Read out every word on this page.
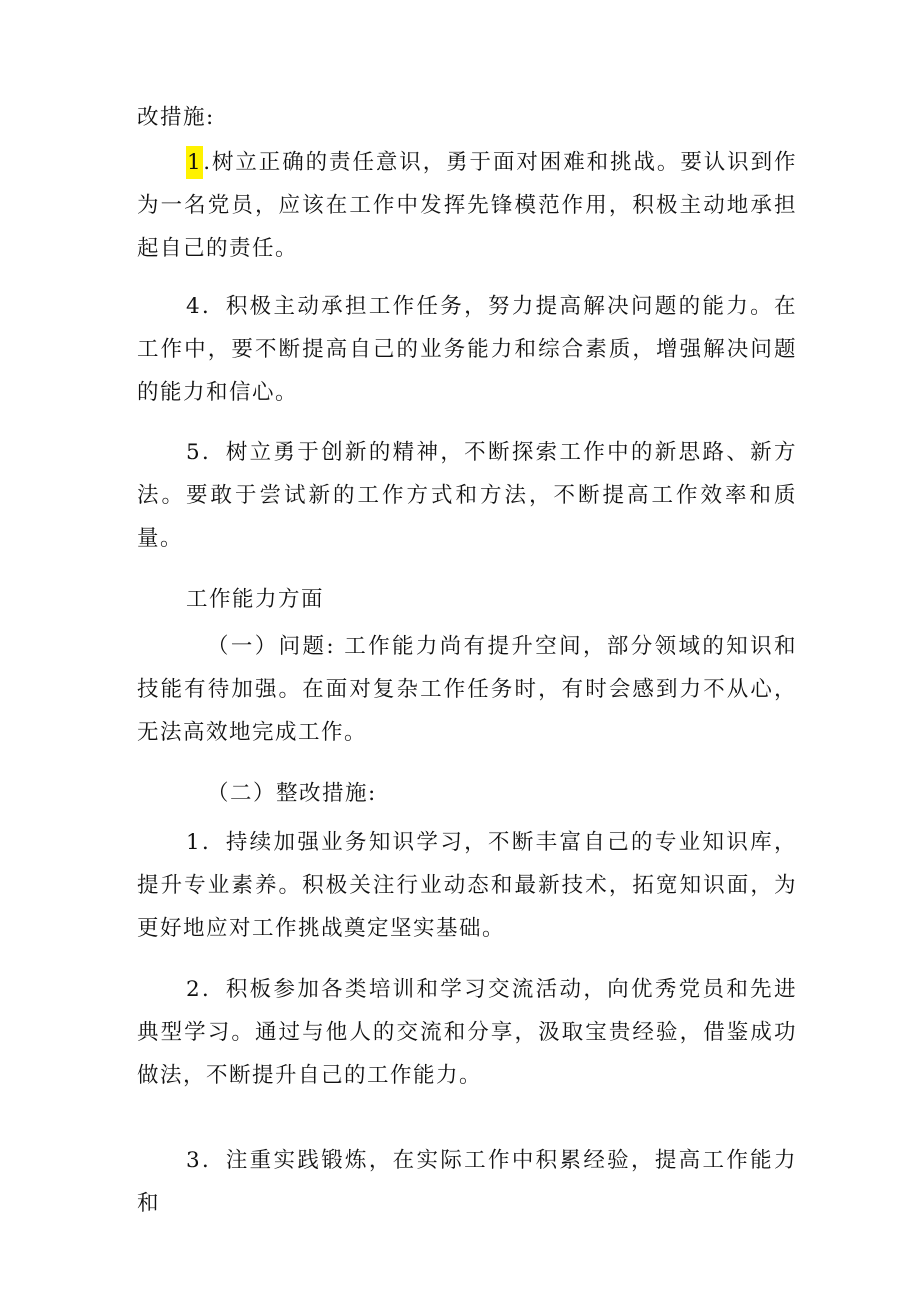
改措施:

1.树立正确的责任意识，勇于面对困难和挑战。要认识到作为一名党员，应该在工作中发挥先锋模范作用，积极主动地承担起自己的责任。

4．积极主动承担工作任务，努力提高解决问题的能力。在工作中，要不断提高自己的业务能力和综合素质，增强解决问题的能力和信心。

5．树立勇于创新的精神，不断探索工作中的新思路、新方法。要敢于尝试新的工作方式和方法，不断提高工作效率和质量。

工作能力方面

（一）问题: 工作能力尚有提升空间，部分领域的知识和技能有待加强。在面对复杂工作任务时，有时会感到力不从心，无法高效地完成工作。

（二）整改措施:

1．持续加强业务知识学习，不断丰富自己的专业知识库，提升专业素养。积极关注行业动态和最新技术，拓宽知识面，为更好地应对工作挑战奠定坚实基础。

2．积板参加各类培训和学习交流活动，向优秀党员和先进典型学习。通过与他人的交流和分享，汲取宝贵经验，借鉴成功做法，不断提升自己的工作能力。

3．注重实践锻炼，在实际工作中积累经验，提高工作能力和
